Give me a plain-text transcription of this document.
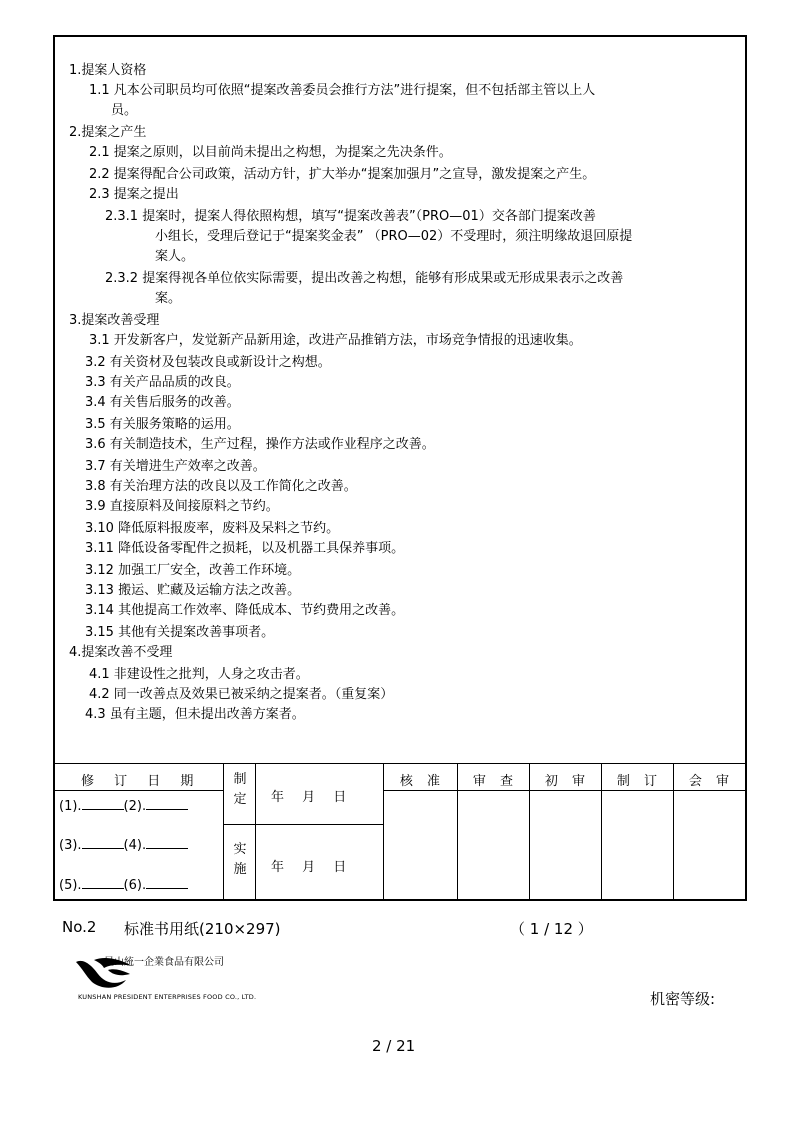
1.提案人资格
1.1 凡本公司职员均可依照“提案改善委员会推行方法”进行提案，但不包括部主管以上人
员。
2.提案之产生
2.1 提案之原则，以目前尚未提出之构想，为提案之先决条件。
2.2 提案得配合公司政策，活动方针，扩大举办“提案加强月”之宣导，激发提案之产生。
2.3 提案之提出
2.3.1 提案时，提案人得依照构想，填写“提案改善表”（PRO—01）交各部门提案改善
小组长，受理后登记于“提案奖金表” （PRO—02）不受理时，须注明缘故退回原提
案人。
2.3.2 提案得视各单位依实际需要，提出改善之构想，能够有形成果或无形成果表示之改善
案。
3.提案改善受理
3.1 开发新客户，发觉新产品新用途，改进产品推销方法，市场竞争情报的迅速收集。
3.2 有关资材及包装改良或新设计之构想。
3.3 有关产品品质的改良。
3.4 有关售后服务的改善。
3.5 有关服务策略的运用。
3.6 有关制造技术，生产过程，操作方法或作业程序之改善。
3.7 有关增进生产效率之改善。
3.8 有关治理方法的改良以及工作简化之改善。
3.9 直接原料及间接原料之节约。
3.10 降低原料报废率，废料及呆料之节约。
3.11 降低设备零配件之损耗，以及机器工具保养事项。
3.12 加强工厂安全，改善工作环境。
3.13 搬运、贮藏及运输方法之改善。
3.14 其他提高工作效率、降低成本、节约费用之改善。
3.15 其他有关提案改善事项者。
4.提案改善不受理
4.1 非建设性之批判，人身之攻击者。
4.2 同一改善点及效果已被采纳之提案者。（重复案）
4.3 虽有主题，但未提出改善方案者。
修 订 日 期
(1).	(2).
(3).	(4).
(5).	(6).
制
定
实
施
年 月 日
年 月 日
核 准	审 查	初 审	制 订	会 审
No.2 标准书用纸(210×297)	（ 1 / 12 ）
昆山統一企業食品有限公司
KUNSHAN PRESIDENT ENTERPRISES FOOD CO., LTD.	机密等级:
2 / 21
